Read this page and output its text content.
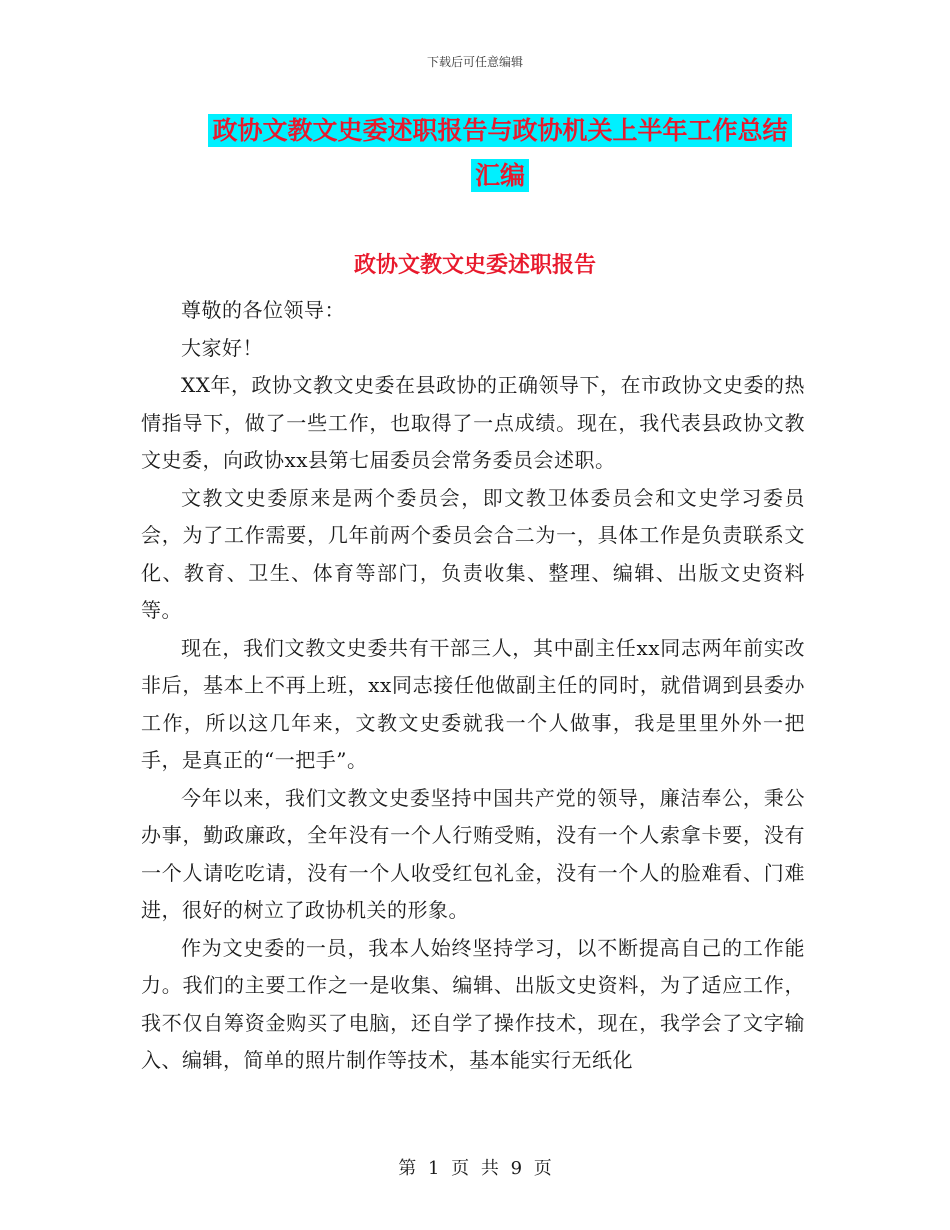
下载后可任意编辑
政协文教文史委述职报告与政协机关上半年工作总结
汇编
政协文教文史委述职报告

尊敬的各位领导：

大家好！

XX年，政协文教文史委在县政协的正确领导下，在市政协文史委的热情指导下，做了一些工作，也取得了一点成绩。现在，我代表县政协文教文史委，向政协xx县第七届委员会常务委员会述职。

文教文史委原来是两个委员会，即文教卫体委员会和文史学习委员会，为了工作需要，几年前两个委员会合二为一，具体工作是负责联系文化、教育、卫生、体育等部门，负责收集、整理、编辑、出版文史资料等。

现在，我们文教文史委共有干部三人，其中副主任xx同志两年前实改非后，基本上不再上班，xx同志接任他做副主任的同时，就借调到县委办工作，所以这几年来，文教文史委就我一个人做事，我是里里外外一把手，是真正的“一把手”。

今年以来，我们文教文史委坚持中国共产党的领导，廉洁奉公，秉公办事，勤政廉政，全年没有一个人行贿受贿，没有一个人索拿卡要，没有一个人请吃吃请，没有一个人收受红包礼金，没有一个人的脸难看、门难进，很好的树立了政协机关的形象。

作为文史委的一员，我本人始终坚持学习，以不断提高自己的工作能力。我们的主要工作之一是收集、编辑、出版文史资料，为了适应工作，我不仅自筹资金购买了电脑，还自学了操作技术，现在，我学会了文字输入、编辑，简单的照片制作等技术，基本能实行无纸化

第 1 页 共 9 页
